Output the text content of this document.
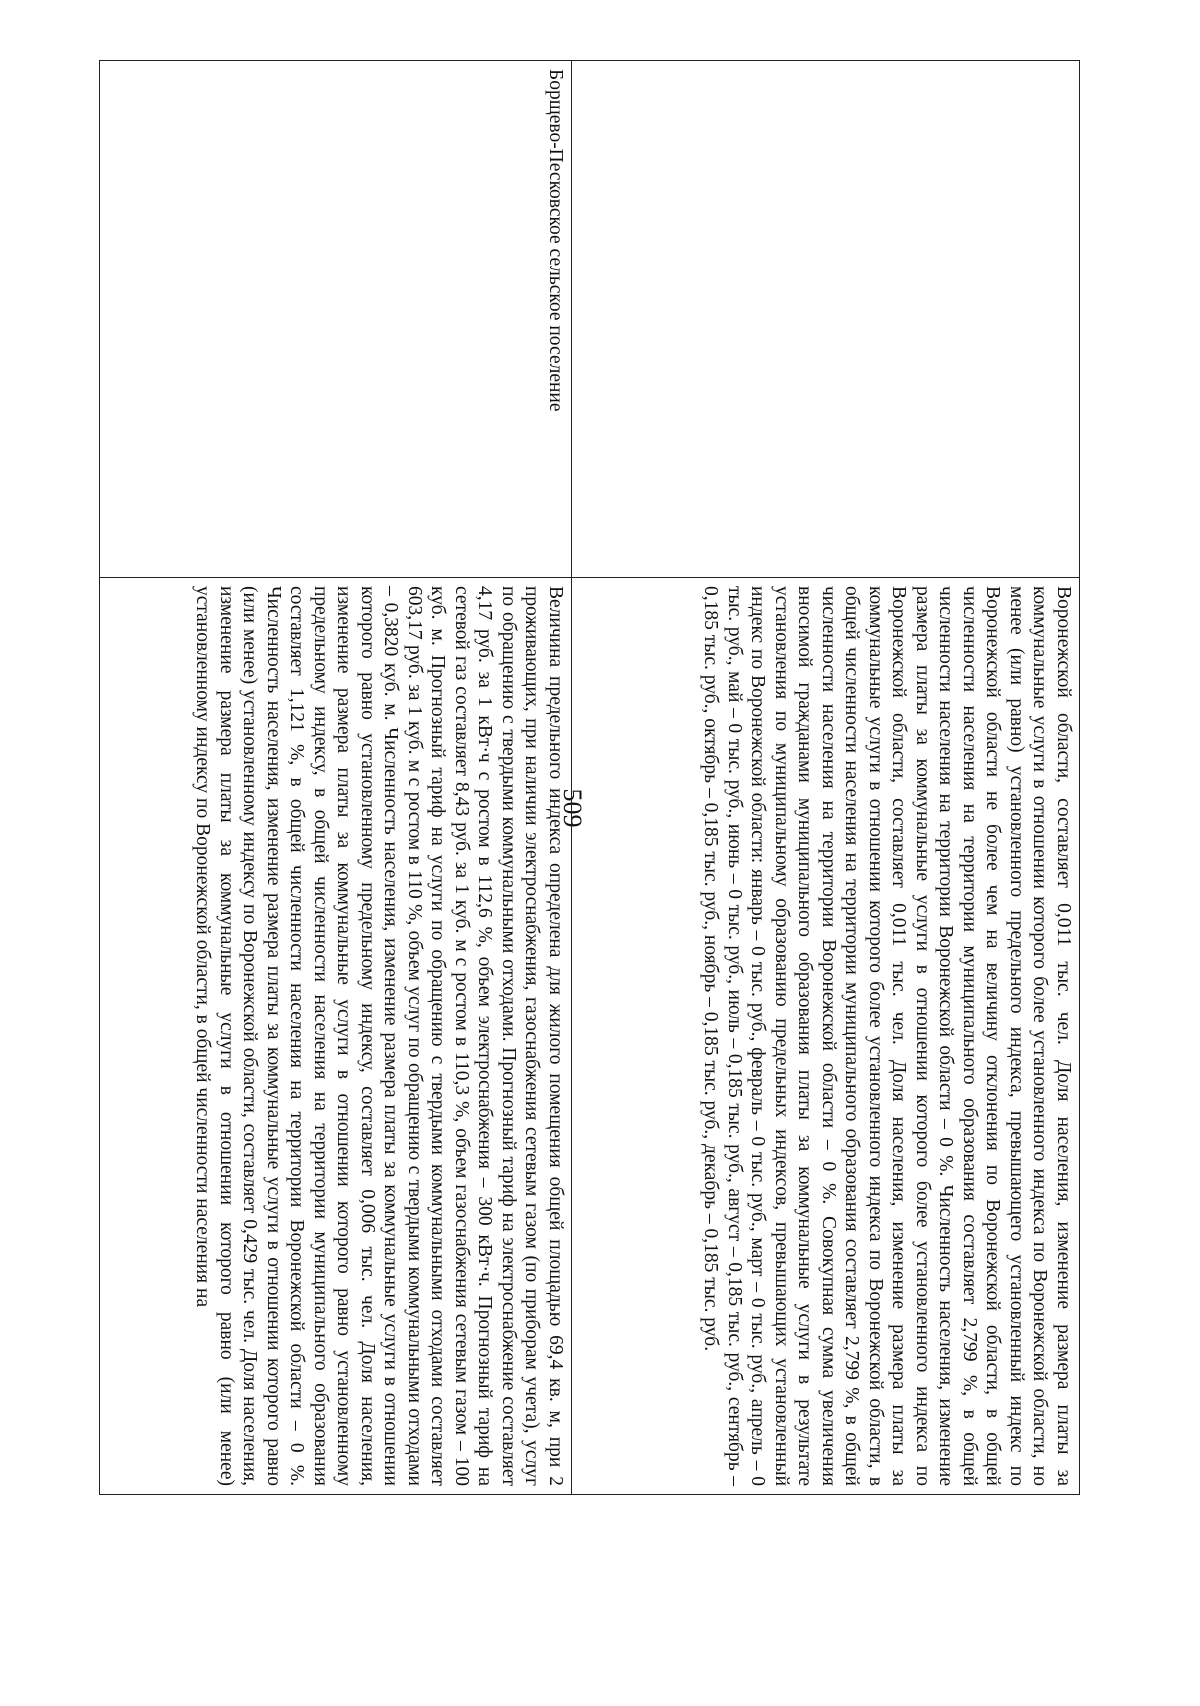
509
		Воронежской области, составляет 0,011 тыс. чел. Доля населения, изменение размера платы за коммунальные услуги в отношении которого более установленного индекса по Воронежской области, но менее (или равно) установленного предельного индекса, превышающего установленный индекс по Воронежской области не более чем на величину отклонения по Воронежской области, в общей численности населения на территории муниципального образования составляет 2,799 %, в общей численности населения на территории Воронежской области – 0 %. Численность населения, изменение размера платы за коммунальные услуги в отношении которого более установленного индекса по Воронежской области, составляет 0,011 тыс. чел. Доля населения, изменение размера платы за коммунальные услуги в отношении которого более установленного индекса по Воронежской области, в общей численности населения на территории муниципального образования составляет 2,799 %, в общей численности населения на территории Воронежской области – 0 %. Совокупная сумма увеличения вносимой гражданами муниципального образования платы за коммунальные услуги в результате установления по муниципальному образованию предельных индексов, превышающих установленный индекс по Воронежской области: январь – 0 тыс. руб., февраль – 0 тыс. руб., март – 0 тыс. руб., апрель – 0 тыс. руб., май – 0 тыс. руб., июнь – 0 тыс. руб., июль – 0,185 тыс. руб., август – 0,185 тыс. руб., сентябрь – 0,185 тыс. руб., октябрь – 0,185 тыс. руб., ноябрь – 0,185 тыс. руб., декабрь – 0,185 тыс. руб.
Борщево-Песковское сельское поселение	Величина предельного индекса определена для жилого помещения общей площадью 69,4 кв. м, при 2 проживающих, при наличии электроснабжения, газоснабжения сетевым газом (по приборам учета), услуг по обращению с твердыми коммунальными отходами. Прогнозный тариф на электроснабжение составляет 4,17 руб. за 1 кВт·ч с ростом в 112,6 %, объем электроснабжения – 300 кВт·ч. Прогнозный тариф на сетевой газ составляет 8,43 руб. за 1 куб. м с ростом в 110,3 %, объем газоснабжения сетевым газом – 100 куб. м. Прогнозный тариф на услуги по обращению с твердыми коммунальными отходами составляет 603,17 руб. за 1 куб. м с ростом в 110 %, объем услуг по обращению с твердыми коммунальными отходами – 0,3820 куб. м. Численность населения, изменение размера платы за коммунальные услуги в отношении которого равно установленному предельному индексу, составляет 0,006 тыс. чел. Доля населения, изменение размера платы за коммунальные услуги в отношении которого равно установленному предельному индексу, в общей численности населения на территории муниципального образования составляет 1,121 %, в общей численности населения на территории Воронежской области – 0 %. Численность населения, изменение размера платы за коммунальные услуги в отношении которого равно (или менее) установленному индексу по Воронежской области, составляет 0,429 тыс. чел. Доля населения, изменение размера платы за коммунальные услуги в отношении которого равно (или менее) установленному индексу по Воронежской области, в общей численности населения на
